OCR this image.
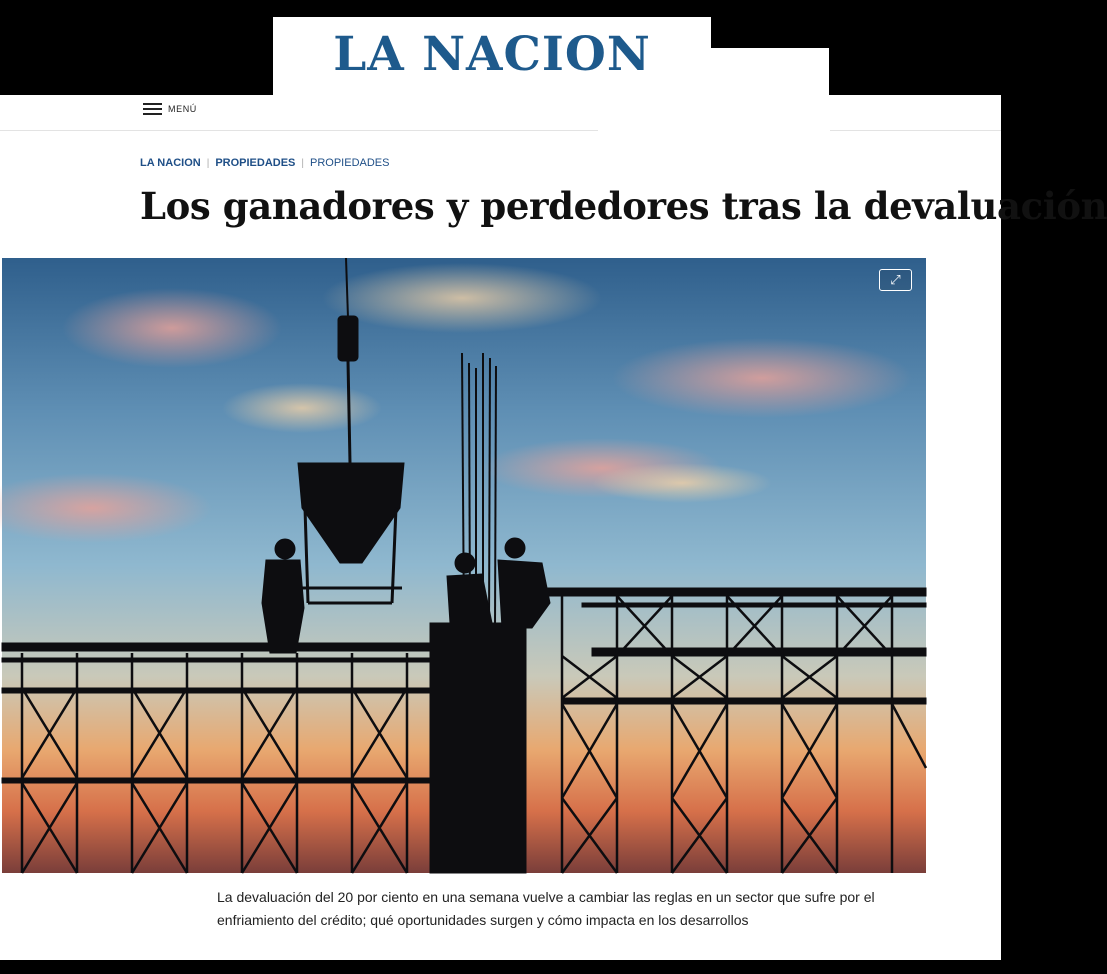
LA NACION
MENÚ
LA NACION | PROPIEDADES | PROPIEDADES
Los ganadores y perdedores tras la devaluación
⤢

La devaluación del 20 por ciento en una semana vuelve a cambiar las reglas en un sector que sufre por el enfriamiento del crédito; qué oportunidades surgen y cómo impacta en los desarrollos
